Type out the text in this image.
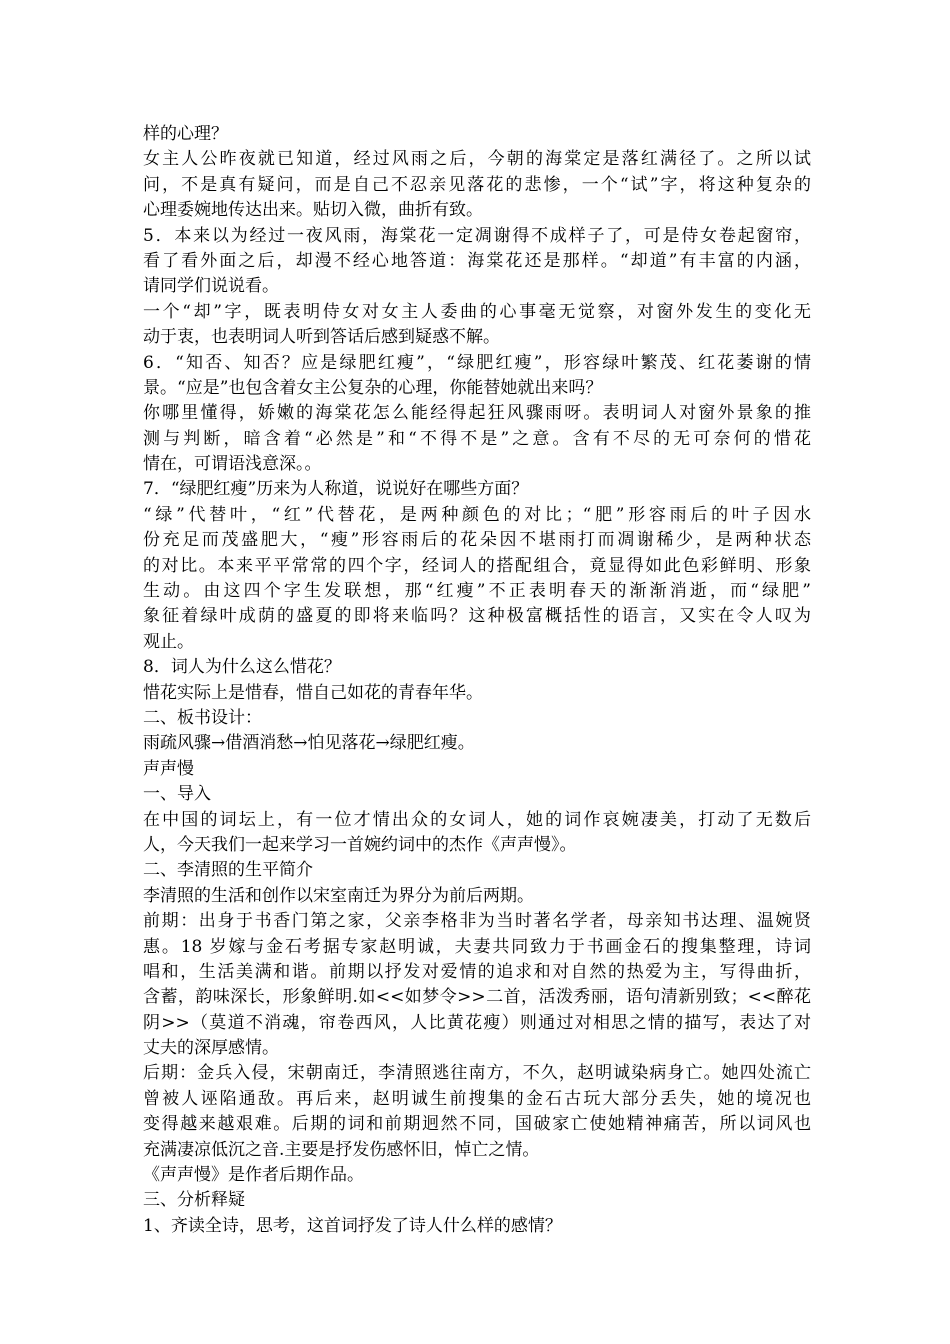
样的心理？
女主人公昨夜就已知道，经过风雨之后，今朝的海棠定是落红满径了。之所以试
问，不是真有疑问，而是自己不忍亲见落花的悲惨，一个“试”字，将这种复杂的
心理委婉地传达出来。贴切入微，曲折有致。
5．本来以为经过一夜风雨，海棠花一定凋谢得不成样子了，可是侍女卷起窗帘，
看了看外面之后，却漫不经心地答道：海棠花还是那样。“却道”有丰富的内涵，
请同学们说说看。
一个“却”字，既表明侍女对女主人委曲的心事毫无觉察，对窗外发生的变化无
动于衷，也表明词人听到答话后感到疑惑不解。
6．“知否、知否？应是绿肥红瘦”，“绿肥红瘦”，形容绿叶繁茂、红花萎谢的情
景。“应是”也包含着女主公复杂的心理，你能替她就出来吗？
你哪里懂得，娇嫩的海棠花怎么能经得起狂风骤雨呀。表明词人对窗外景象的推
测与判断，暗含着“必然是”和“不得不是”之意。含有不尽的无可奈何的惜花
情在，可谓语浅意深。。
7．“绿肥红瘦”历来为人称道，说说好在哪些方面？
“绿”代替叶，“红”代替花，是两种颜色的对比；“肥”形容雨后的叶子因水
份充足而茂盛肥大，“瘦”形容雨后的花朵因不堪雨打而凋谢稀少，是两种状态
的对比。本来平平常常的四个字，经词人的搭配组合，竟显得如此色彩鲜明、形象
生动。由这四个字生发联想，那“红瘦”不正表明春天的渐渐消逝，而“绿肥”
象征着绿叶成荫的盛夏的即将来临吗？这种极富概括性的语言，又实在令人叹为
观止。
8．词人为什么这么惜花？
惜花实际上是惜春，惜自己如花的青春年华。
二、板书设计：
雨疏风骤→借酒消愁→怕见落花→绿肥红瘦。
声声慢
一、导入
在中国的词坛上，有一位才情出众的女词人，她的词作哀婉凄美，打动了无数后
人，今天我们一起来学习一首婉约词中的杰作《声声慢》。
二、李清照的生平简介
李清照的生活和创作以宋室南迁为界分为前后两期。
前期：出身于书香门第之家，父亲李格非为当时著名学者，母亲知书达理、温婉贤
惠。18 岁嫁与金石考据专家赵明诚，夫妻共同致力于书画金石的搜集整理，诗词
唱和，生活美满和谐。前期以抒发对爱情的追求和对自然的热爱为主，写得曲折，
含蓄，韵味深长，形象鲜明.如<<如梦令>>二首，活泼秀丽，语句清新别致；<<醉花
阴>>（莫道不消魂，帘卷西风，人比黄花瘦）则通过对相思之情的描写，表达了对
丈夫的深厚感情。
后期：金兵入侵，宋朝南迁，李清照逃往南方，不久，赵明诚染病身亡。她四处流亡
曾被人诬陷通敌。再后来，赵明诚生前搜集的金石古玩大部分丢失，她的境况也
变得越来越艰难。后期的词和前期迥然不同，国破家亡使她精神痛苦，所以词风也
充满凄凉低沉之音.主要是抒发伤感怀旧，悼亡之情。
《声声慢》是作者后期作品。
三、分析释疑
1、齐读全诗，思考，这首词抒发了诗人什么样的感情？
